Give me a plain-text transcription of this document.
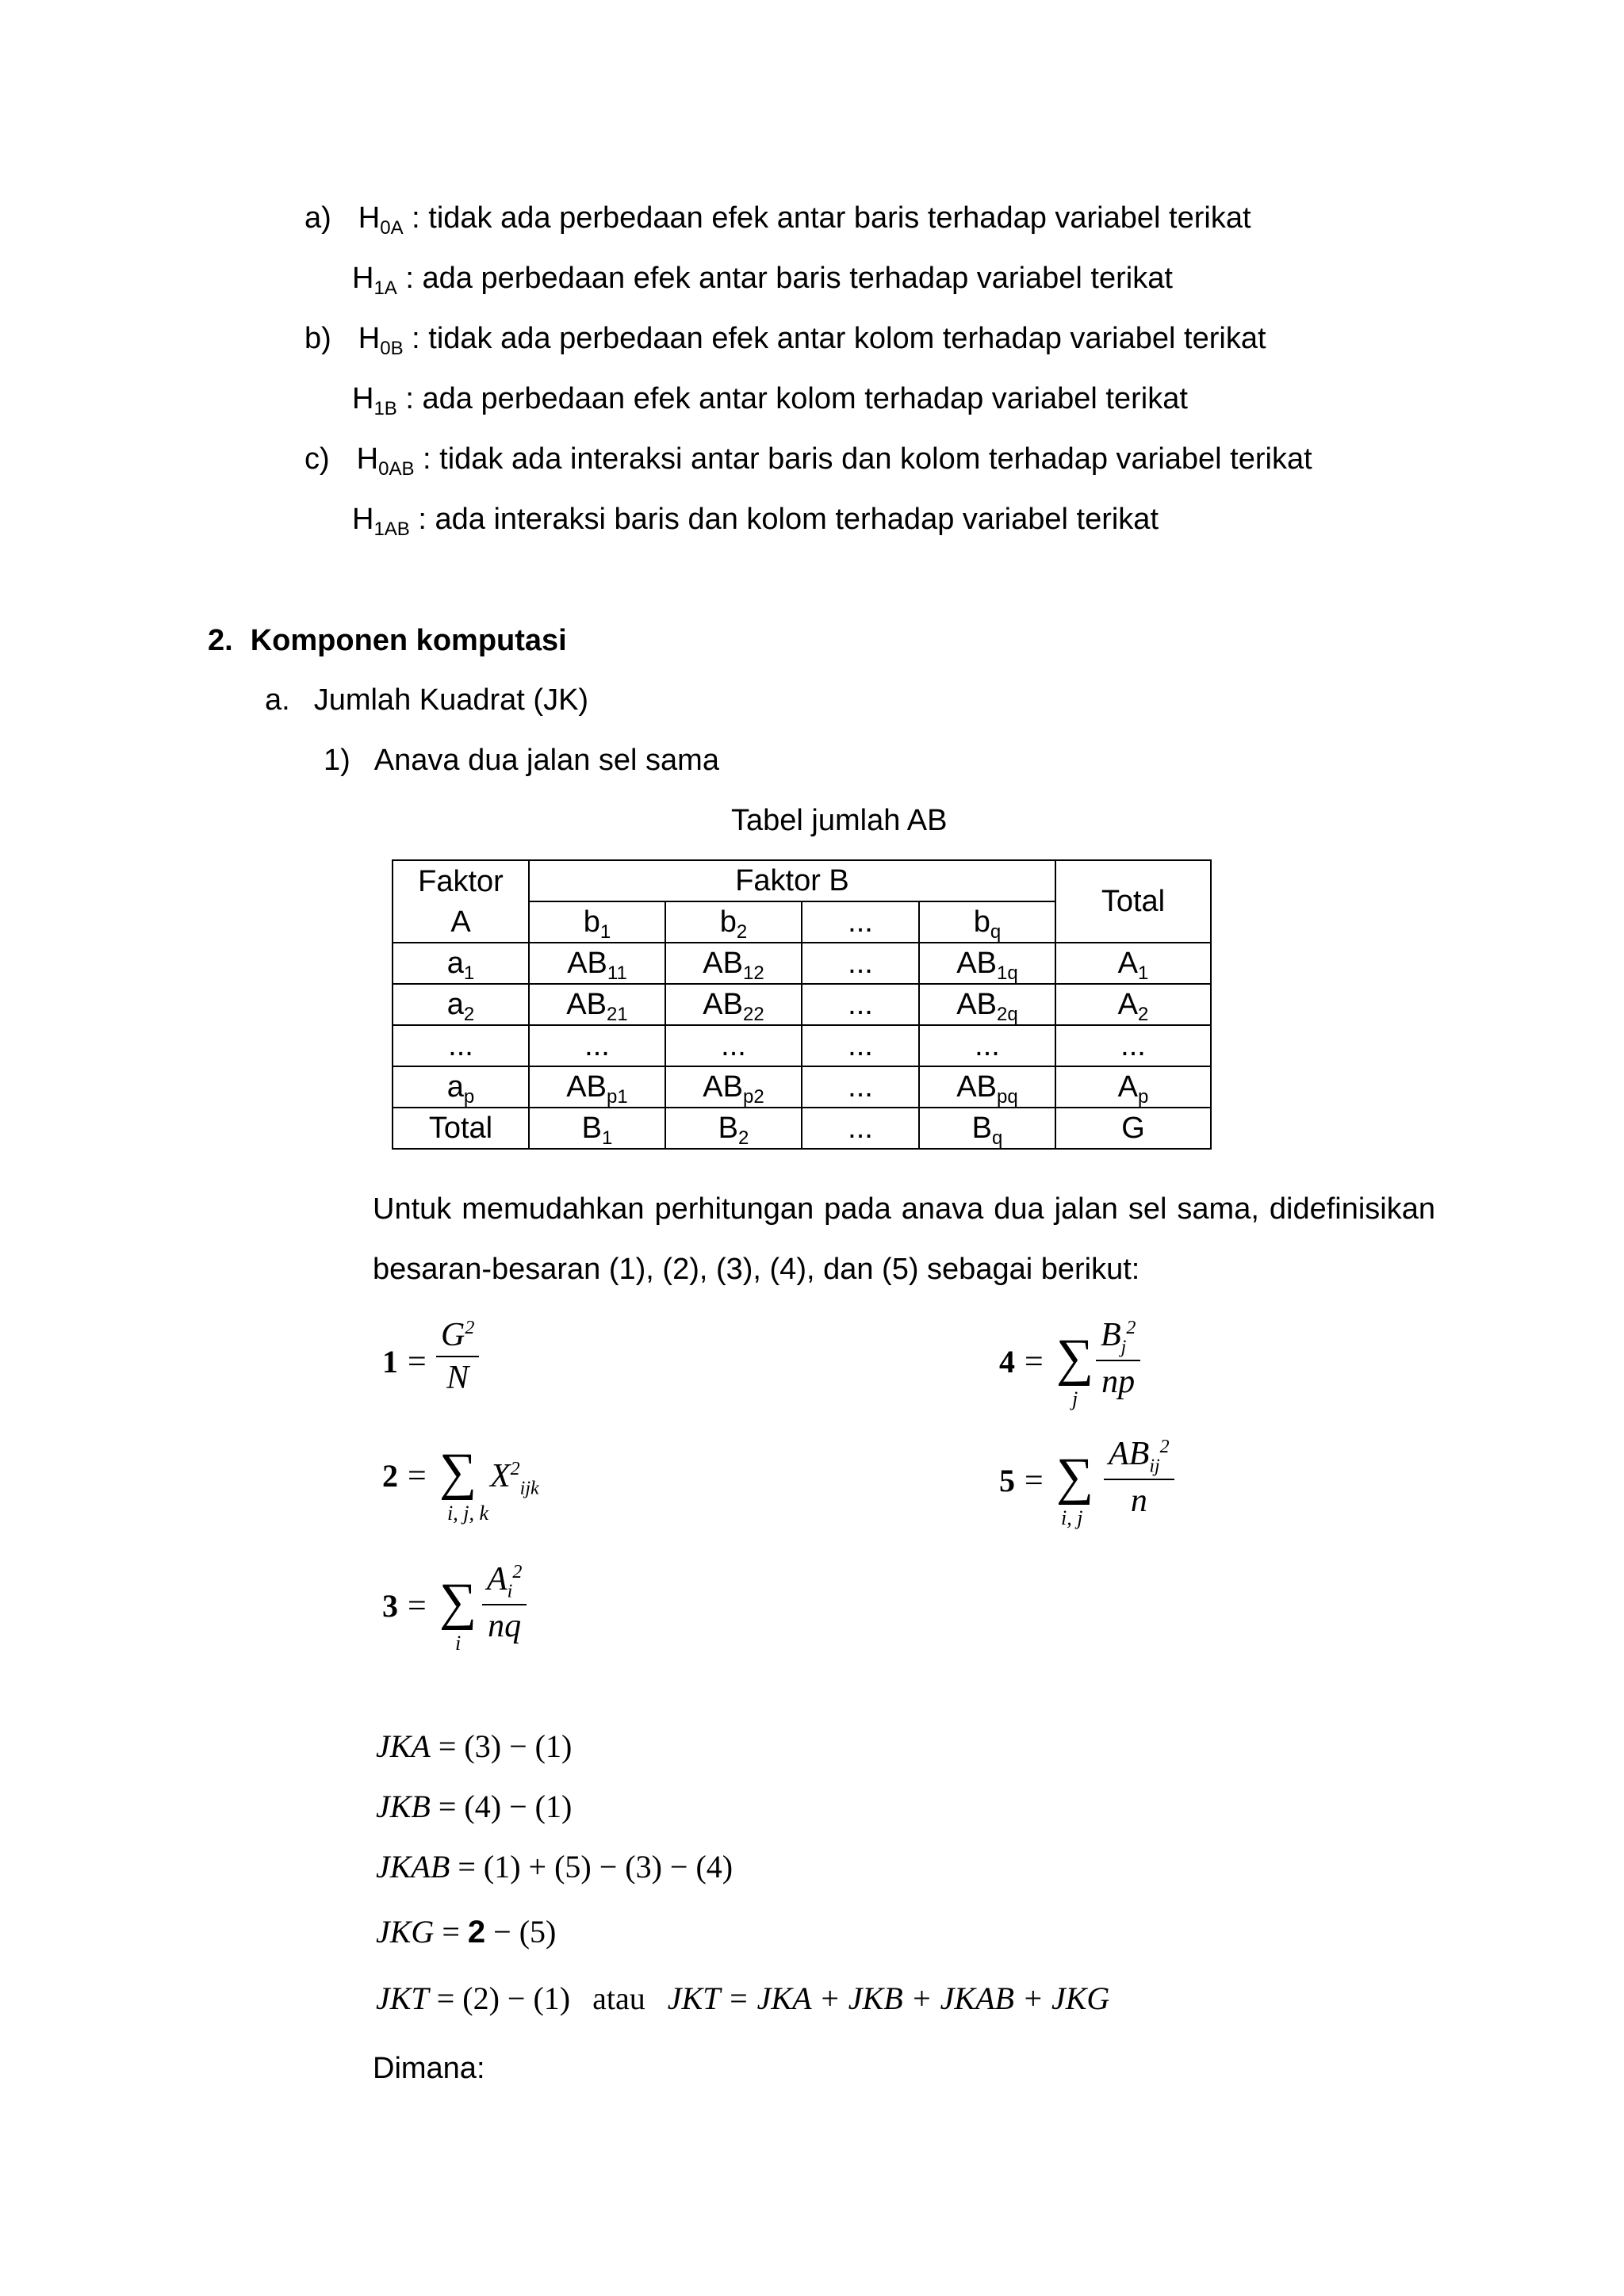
a) $H_{0A}$ : tidak ada perbedaan efek antar baris terhadap variabel terikat
$H_{1A}$ : ada perbedaan efek antar baris terhadap variabel terikat
b) $H_{0B}$ : tidak ada perbedaan efek antar kolom terhadap variabel terikat
$H_{1B}$ : ada perbedaan efek antar kolom terhadap variabel terikat
c) $H_{0AB}$ : tidak ada interaksi antar baris dan kolom terhadap variabel terikat
$H_{1AB}$ : ada interaksi baris dan kolom terhadap variabel terikat
2. Komponen komputasi
a. Jumlah Kuadrat (JK)
1) Anava dua jalan sel sama
Tabel jumlah AB
Faktor	Faktor B				Total
A	$b_1$	$b_2$	...	$b_q$
$a_1$	$AB_{11}$	$AB_{12}$	...	$AB_{1q}$	$A_1$
$a_2$	$AB_{21}$	$AB_{22}$	...	$AB_{2q}$	$A_2$
...	...	...	...	...	...
$a_p$	$AB_{p1}$	$AB_{p2}$	...	$AB_{pq}$	$A_p$
Total	$B_1$	$B_2$	...	$B_q$	G
Untuk memudahkan perhitungan pada anava dua jalan sel sama, didefinisikan
besaran-besaran (1), (2), (3), (4), dan (5) sebagai berikut:
$1 = \frac{G^2}{N}$	4 = ∑
j $\frac{B_j^2}{np}$
2 = ∑
i, j, k
$X^2_{ijk}$	5 = ∑
i, j
$AB_{ij}^2$
n
3 = ∑
i $\frac{A_i^2}{nq}$
JKA = (3) − (1)
JKB = (4) − (1)
JKAB = (1) + (5) − (3) − (4)
JKG = 2 − (5)
JKT = (2) − (1) atau JKT = JKA + JKB + JKAB + JKG
Dimana:
